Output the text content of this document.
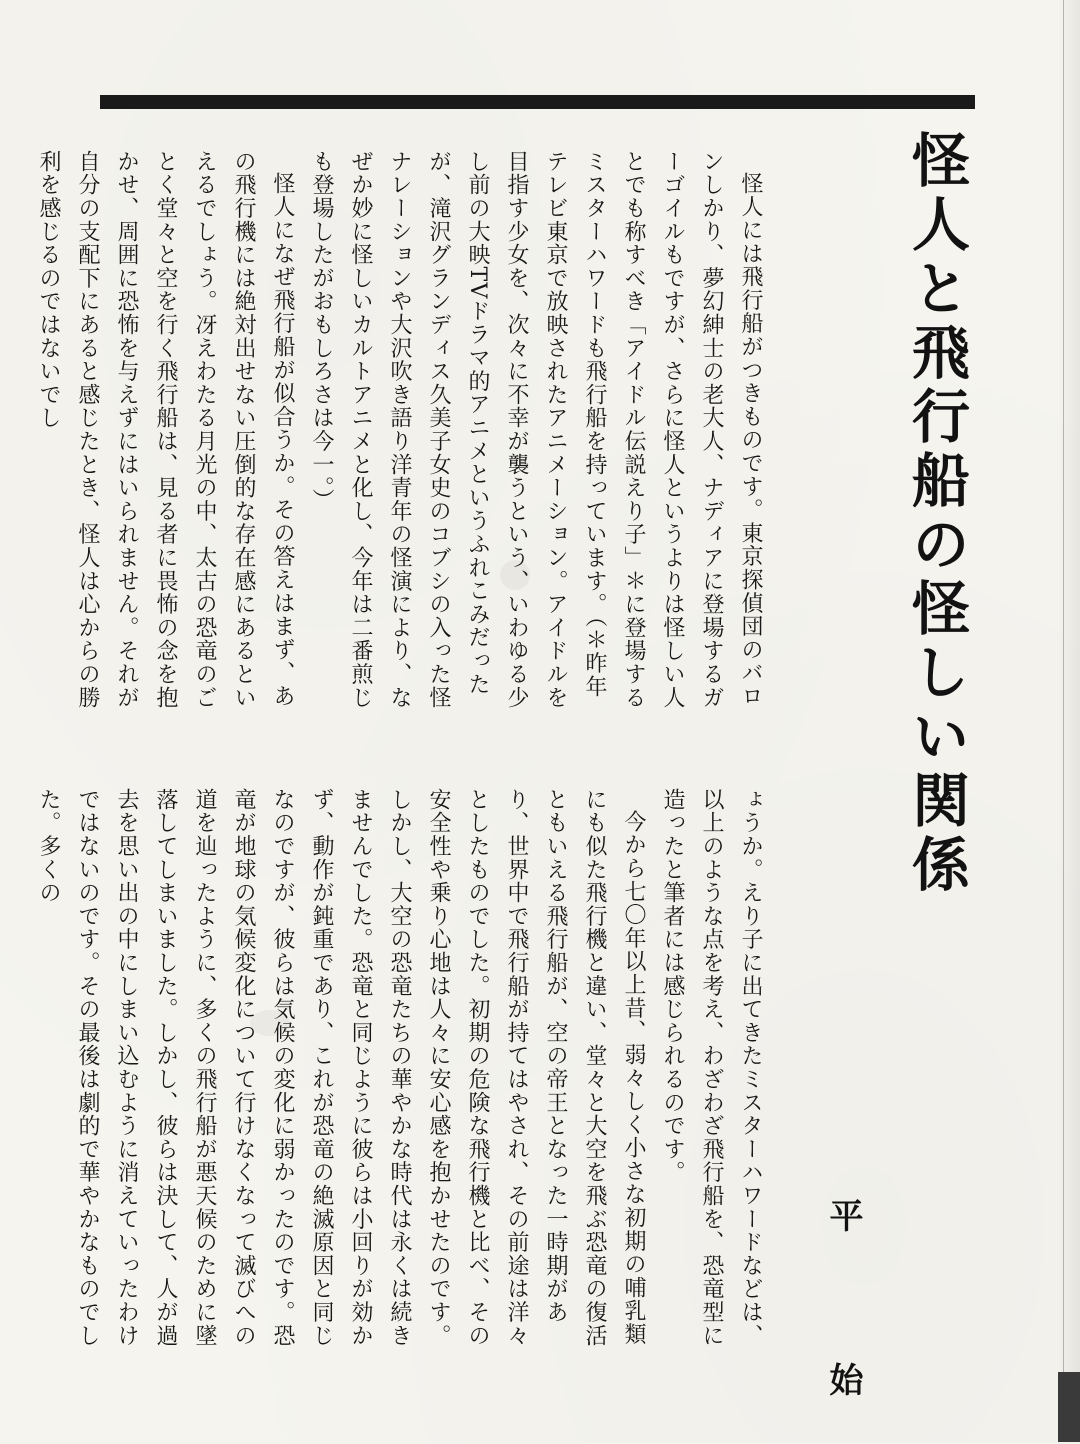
怪人と飛行船の怪しい関係

怪人には飛行船がつきものです。東京探偵団のバロンしかり、夢幻紳士の老大人、ナディアに登場するガーゴイルもですが、さらに怪人というよりは怪しい人とでも称すべき「アイドル伝説えり子」＊に登場するミスターハワードも飛行船を持っています。（＊昨年テレビ東京で放映されたアニメーション。アイドルを目指す少女を、次々に不幸が襲うという、いわゆる少し前の大映TVドラマ的アニメというふれこみだったが、滝沢グランディス久美子女史のコブシの入った怪ナレーションや大沢吹き語り洋青年の怪演により、なぜか妙に怪しいカルトアニメと化し、今年は二番煎じも登場したがおもしろさは今一。）

怪人になぜ飛行船が似合うか。その答えはまず、あの飛行機には絶対出せない圧倒的な存在感にあるといえるでしょう。冴えわたる月光の中、太古の恐竜のごとく堂々と空を行く飛行船は、見る者に畏怖の念を抱かせ、周囲に恐怖を与えずにはいられません。それが自分の支配下にあると感じたとき、怪人は心からの勝利を感じるのではないでし

ょうか。えり子に出てきたミスターハワードなどは、以上のような点を考え、わざわざ飛行船を、恐竜型に造ったと筆者には感じられるのです。

今から七〇年以上昔、弱々しく小さな初期の哺乳類にも似た飛行機と違い、堂々と大空を飛ぶ恐竜の復活ともいえる飛行船が、空の帝王となった一時期があり、世界中で飛行船が持てはやされ、その前途は洋々としたものでした。初期の危険な飛行機と比べ、その安全性や乗り心地は人々に安心感を抱かせたのです。しかし、大空の恐竜たちの華やかな時代は永くは続きませんでした。恐竜と同じように彼らは小回りが効かず、動作が鈍重であり、これが恐竜の絶滅原因と同じなのですが、彼らは気候の変化に弱かったのです。恐竜が地球の気候変化について行けなくなって滅びへの道を辿ったように、多くの飛行船が悪天候のために墜落してしまいました。しかし、彼らは決して、人が過去を思い出の中にしまい込むように消えていったわけではないのです。その最後は劇的で華やかなものでした。多くの

平　始
